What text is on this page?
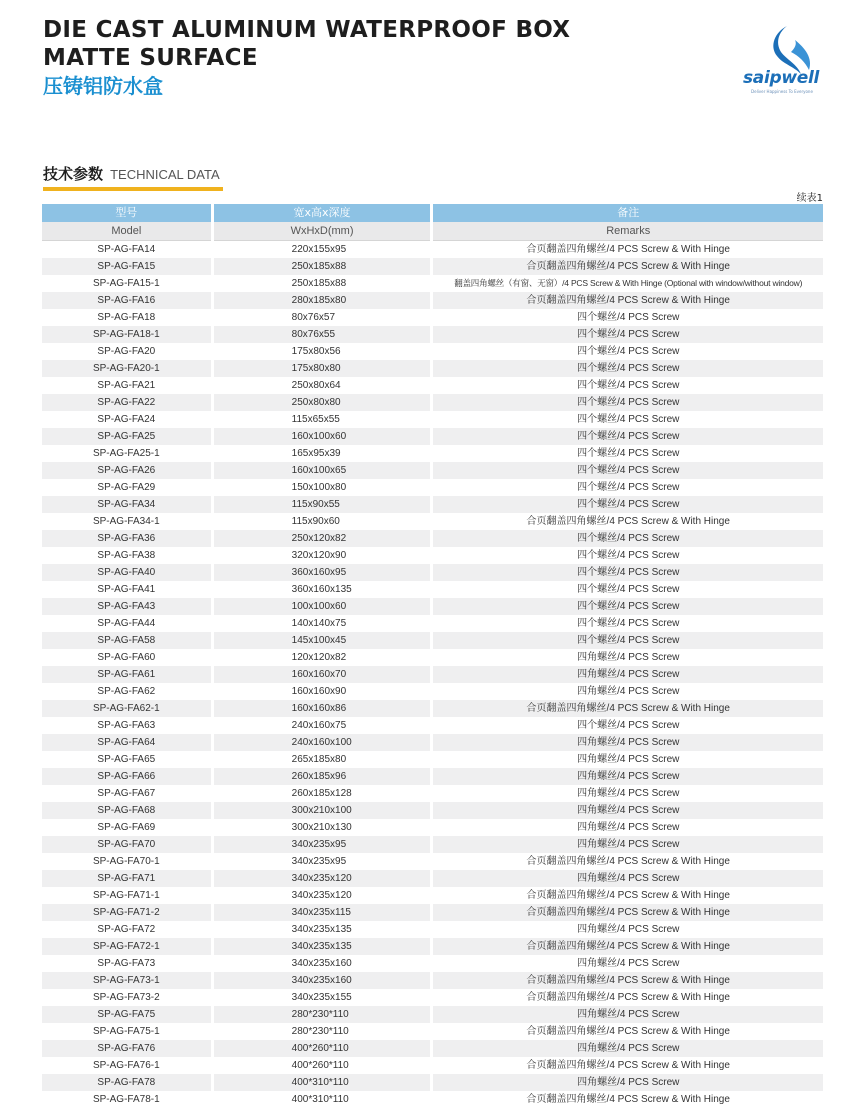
DIE CAST ALUMINUM WATERPROOF BOX
MATTE SURFACE
压铸铝防水盒	saipwell
Deliver Happiness To Everyone
技术参数 TECHNICAL DATA
续表1
型号	宽x高x深度	备注
Model	WxHxD(mm)	Remarks
SP-AG-FA14	220x155x95	合页翻盖四角螺丝/4 PCS Screw & With Hinge
SP-AG-FA15	250x185x88	合页翻盖四角螺丝/4 PCS Screw & With Hinge
SP-AG-FA15-1	250x185x88	翻盖四角螺丝（有窗、无窗）/4 PCS Screw & With Hinge (Optional with window/without window)
SP-AG-FA16	280x185x80	合页翻盖四角螺丝/4 PCS Screw & With Hinge
SP-AG-FA18	80x76x57	四个螺丝/4 PCS Screw
SP-AG-FA18-1	80x76x55	四个螺丝/4 PCS Screw
SP-AG-FA20	175x80x56	四个螺丝/4 PCS Screw
SP-AG-FA20-1	175x80x80	四个螺丝/4 PCS Screw
SP-AG-FA21	250x80x64	四个螺丝/4 PCS Screw
SP-AG-FA22	250x80x80	四个螺丝/4 PCS Screw
SP-AG-FA24	115x65x55	四个螺丝/4 PCS Screw
SP-AG-FA25	160x100x60	四个螺丝/4 PCS Screw
SP-AG-FA25-1	165x95x39	四个螺丝/4 PCS Screw
SP-AG-FA26	160x100x65	四个螺丝/4 PCS Screw
SP-AG-FA29	150x100x80	四个螺丝/4 PCS Screw
SP-AG-FA34	115x90x55	四个螺丝/4 PCS Screw
SP-AG-FA34-1	115x90x60	合页翻盖四角螺丝/4 PCS Screw & With Hinge
SP-AG-FA36	250x120x82	四个螺丝/4 PCS Screw
SP-AG-FA38	320x120x90	四个螺丝/4 PCS Screw
SP-AG-FA40	360x160x95	四个螺丝/4 PCS Screw
SP-AG-FA41	360x160x135	四个螺丝/4 PCS Screw
SP-AG-FA43	100x100x60	四个螺丝/4 PCS Screw
SP-AG-FA44	140x140x75	四个螺丝/4 PCS Screw
SP-AG-FA58	145x100x45	四个螺丝/4 PCS Screw
SP-AG-FA60	120x120x82	四角螺丝/4 PCS Screw
SP-AG-FA61	160x160x70	四角螺丝/4 PCS Screw
SP-AG-FA62	160x160x90	四角螺丝/4 PCS Screw
SP-AG-FA62-1	160x160x86	合页翻盖四角螺丝/4 PCS Screw & With Hinge
SP-AG-FA63	240x160x75	四个螺丝/4 PCS Screw
SP-AG-FA64	240x160x100	四角螺丝/4 PCS Screw
SP-AG-FA65	265x185x80	四角螺丝/4 PCS Screw
SP-AG-FA66	260x185x96	四角螺丝/4 PCS Screw
SP-AG-FA67	260x185x128	四角螺丝/4 PCS Screw
SP-AG-FA68	300x210x100	四角螺丝/4 PCS Screw
SP-AG-FA69	300x210x130	四角螺丝/4 PCS Screw
SP-AG-FA70	340x235x95	四角螺丝/4 PCS Screw
SP-AG-FA70-1	340x235x95	合页翻盖四角螺丝/4 PCS Screw & With Hinge
SP-AG-FA71	340x235x120	四角螺丝/4 PCS Screw
SP-AG-FA71-1	340x235x120	合页翻盖四角螺丝/4 PCS Screw & With Hinge
SP-AG-FA71-2	340x235x115	合页翻盖四角螺丝/4 PCS Screw & With Hinge
SP-AG-FA72	340x235x135	四角螺丝/4 PCS Screw
SP-AG-FA72-1	340x235x135	合页翻盖四角螺丝/4 PCS Screw & With Hinge
SP-AG-FA73	340x235x160	四角螺丝/4 PCS Screw
SP-AG-FA73-1	340x235x160	合页翻盖四角螺丝/4 PCS Screw & With Hinge
SP-AG-FA73-2	340x235x155	合页翻盖四角螺丝/4 PCS Screw & With Hinge
SP-AG-FA75	280*230*110	四角螺丝/4 PCS Screw
SP-AG-FA75-1	280*230*110	合页翻盖四角螺丝/4 PCS Screw & With Hinge
SP-AG-FA76	400*260*110	四角螺丝/4 PCS Screw
SP-AG-FA76-1	400*260*110	合页翻盖四角螺丝/4 PCS Screw & With Hinge
SP-AG-FA78	400*310*110	四角螺丝/4 PCS Screw
SP-AG-FA78-1	400*310*110	合页翻盖四角螺丝/4 PCS Screw & With Hinge
